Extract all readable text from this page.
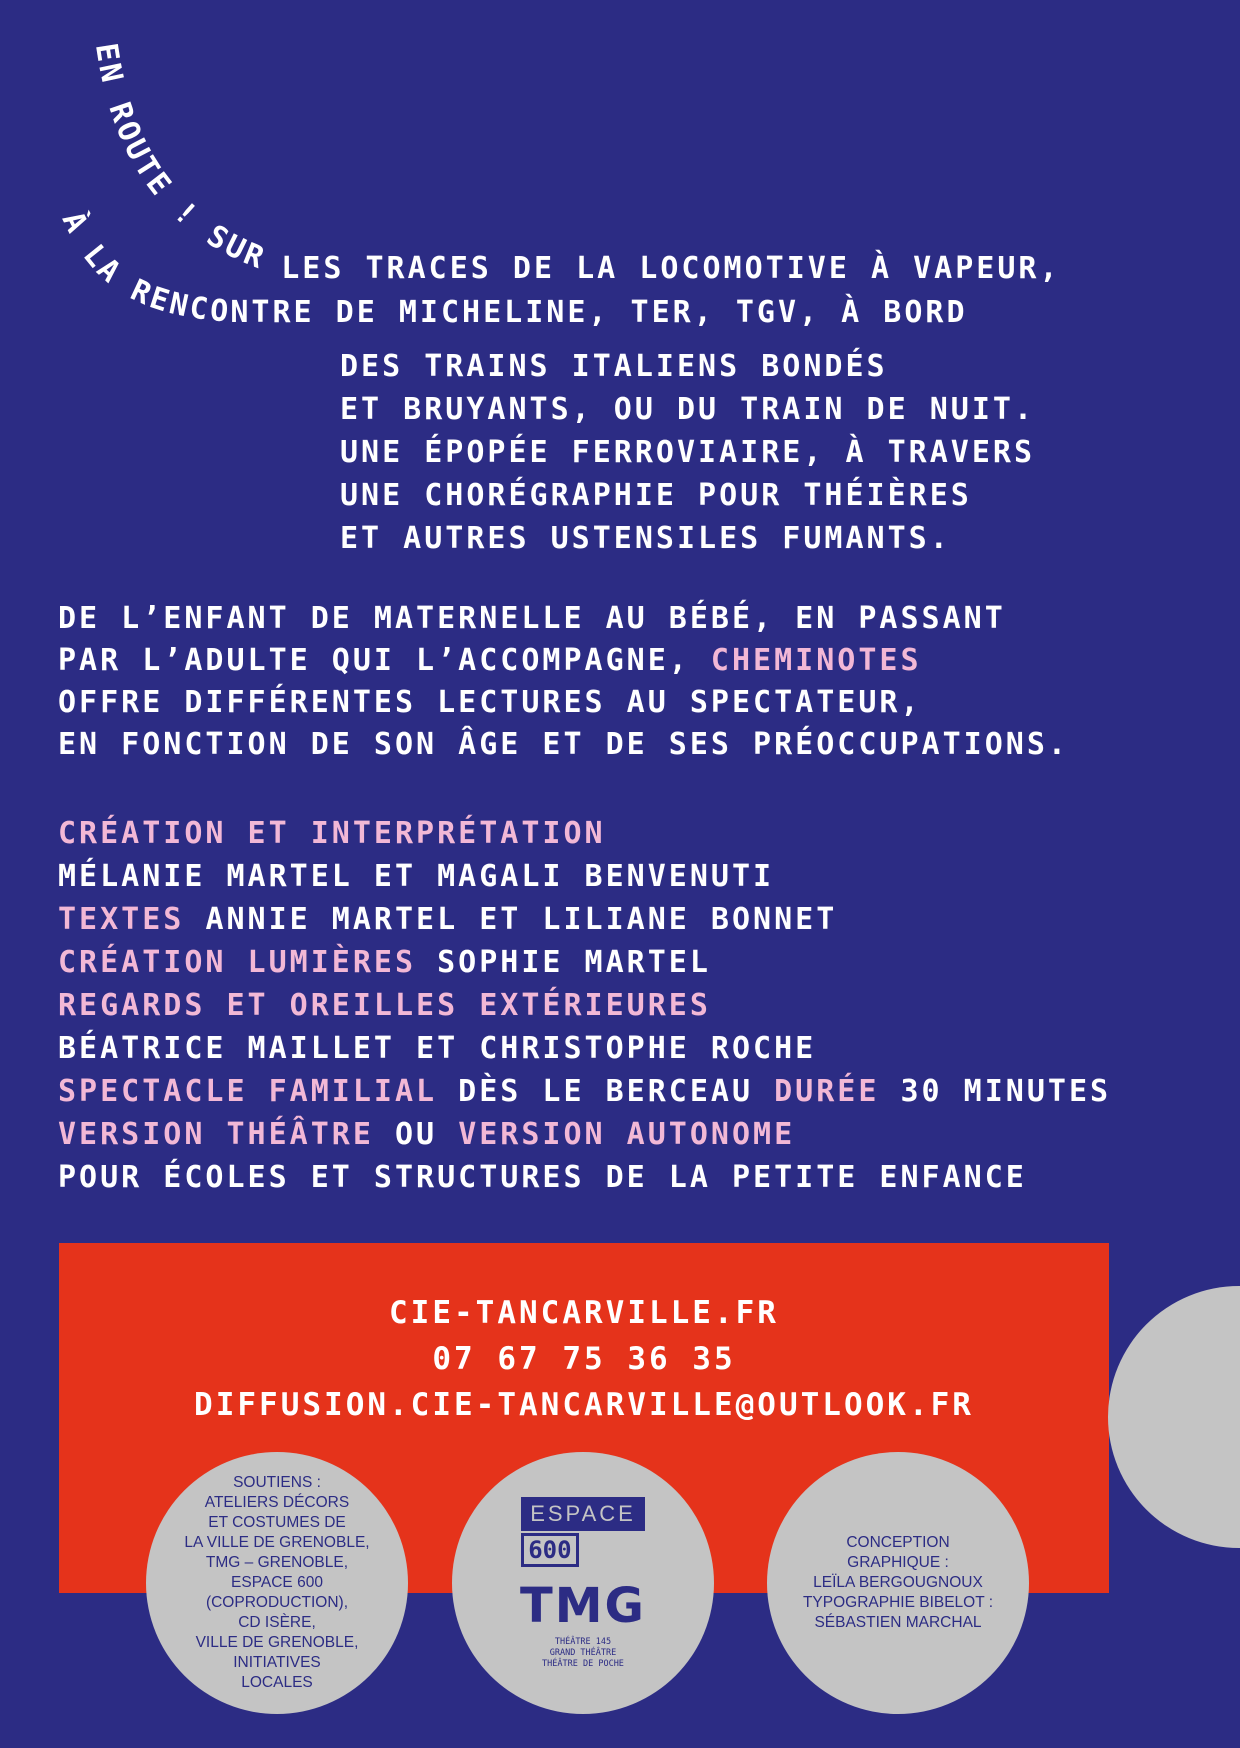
EN ROUTE ! SUR LES TRACES DE LA LOCOMOTIVE À VAPEUR,
À LA RENCONTRE DE MICHELINE, TER, TGV, À BORD
DES TRAINS ITALIENS BONDÉS
ET BRUYANTS, OU DU TRAIN DE NUIT.
UNE ÉPOPÉE FERROVIAIRE, À TRAVERS
UNE CHORÉGRAPHIE POUR THÉIÈRES
ET AUTRES USTENSILES FUMANTS.
DE L’ENFANT DE MATERNELLE AU BÉBÉ, EN PASSANT
PAR L’ADULTE QUI L’ACCOMPAGNE, CHEMINOTES
OFFRE DIFFÉRENTES LECTURES AU SPECTATEUR,
EN FONCTION DE SON ÂGE ET DE SES PRÉOCCUPATIONS.
CRÉATION ET INTERPRÉTATION
MÉLANIE MARTEL ET MAGALI BENVENUTI
TEXTES ANNIE MARTEL ET LILIANE BONNET
CRÉATION LUMIÈRES SOPHIE MARTEL
REGARDS ET OREILLES EXTÉRIEURES
BÉATRICE MAILLET ET CHRISTOPHE ROCHE
SPECTACLE FAMILIAL DÈS LE BERCEAU DURÉE 30 MINUTES
VERSION THÉÂTRE OU VERSION AUTONOME
POUR ÉCOLES ET STRUCTURES DE LA PETITE ENFANCE
CIE-TANCARVILLE.FR
07 67 75 36 35
DIFFUSION.CIE-TANCARVILLE@OUTLOOK.FR
SOUTIENS :
ATELIERS DÉCORS
ET COSTUMES DE
LA VILLE DE GRENOBLE,
TMG – GRENOBLE,
ESPACE 600
(COPRODUCTION),
CD ISÈRE,
VILLE DE GRENOBLE,
INITIATIVES
LOCALES
ESPACE
600
TMG
THÉÂTRE 145
GRAND THÉÂTRE
THÉÂTRE DE POCHE
CONCEPTION
GRAPHIQUE :
LEÏLA BERGOUGNOUX
TYPOGRAPHIE BIBELOT :
SÉBASTIEN MARCHAL
